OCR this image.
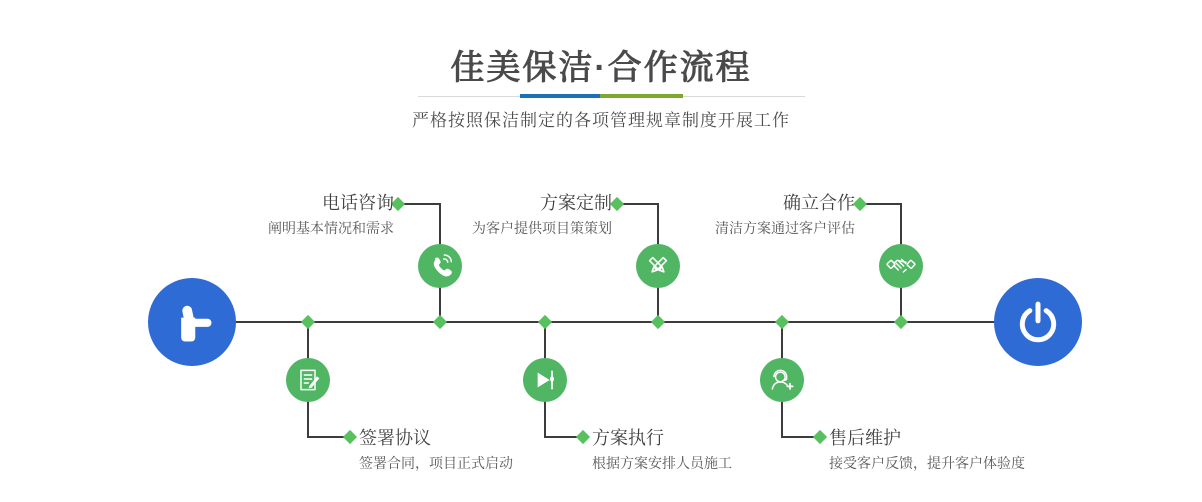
佳美保洁·合作流程

严格按照保洁制定的各项管理规章制度开展工作

电话咨询
阐明基本情况和需求
方案定制
为客户提供项目策策划
确立合作
清洁方案通过客户评估
签署协议
签署合同，项目正式启动
方案执行
根据方案安排人员施工
售后维护
接受客户反馈，提升客户体验度
